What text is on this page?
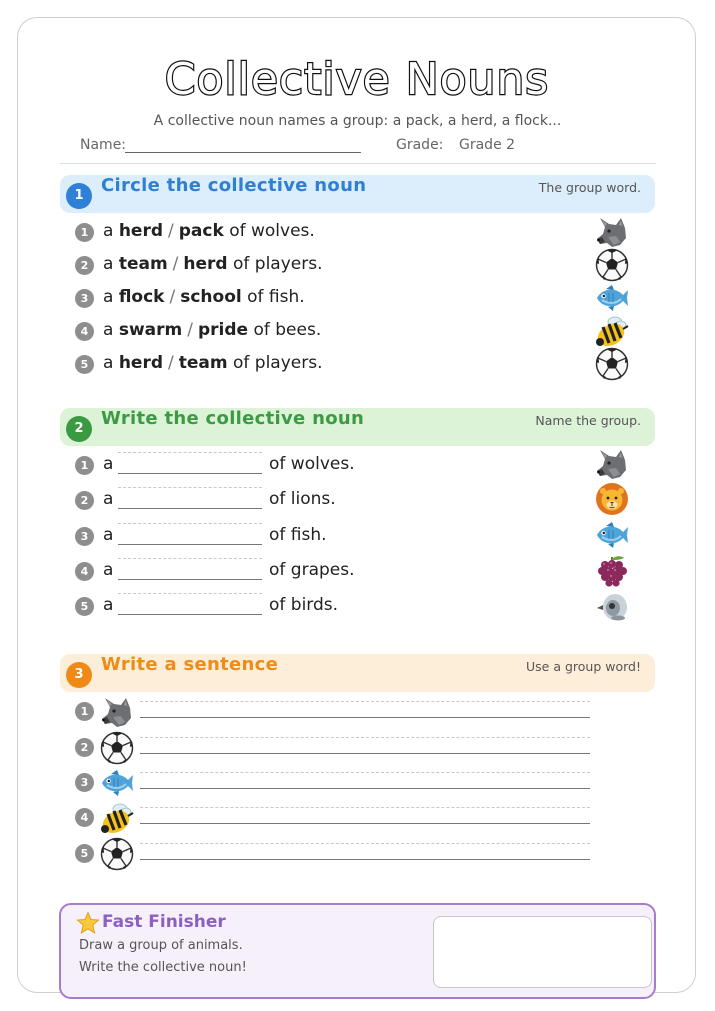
Collective Nouns
A collective noun names a group: a pack, a herd, a flock...
Name:	Grade: Grade 2
1 Circle the collective noun	The group word.
1 a herd / pack of wolves.
2 a team / herd of players.
3 a flock / school of fish.
4 a swarm / pride of bees.
5 a herd / team of players.
2 Write the collective noun	Name the group.
1 a	of wolves.
2 a	of lions.
3 a	of fish.
4 a	of grapes.
5 a	of birds.
3 Write a sentence	Use a group word!
1
2
3
4
5
Fast Finisher
Draw a group of animals.
Write the collective noun!
